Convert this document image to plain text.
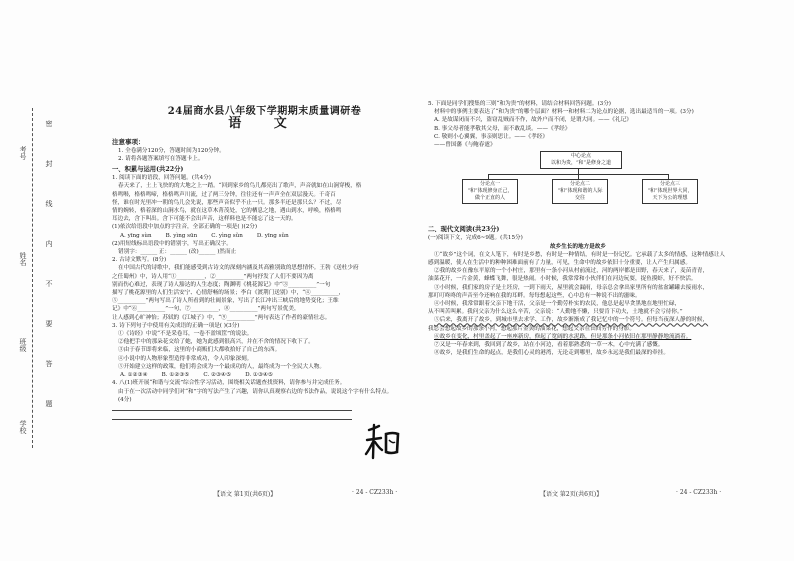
考号
姓名
班级
学校
密
封
线
内
不
要
答
题
24届商水县八年级下学期期末质量调研卷
语 文
注意事项：
1. 全卷满分120分，答题时间为120分钟。
2. 请将各题答案填写在答题卡上。
一、积累与运用(共22分)
1. 阅读下面的语段，回答问题。(共4分)
春天来了，土上飞快的的大地之上一踏。“回到家乡的鸟儿都亮出了歌声，声音就如在山涧穿梭，格
格鸣啭，格格鸣啼，格格鸣声川流，过了两三分钟，往往还有一声声全在双层漫天。千奇百
怪，谁在时光里冲一朝的鸟儿会先说，那些声音似乎不止一只。那多半还是那只么？不过，尽
情的婉转，格着深的山涧水鸟，就在这草木菁茂处，它的栖息之地，遇山到水，呼唤，格格鸣
耳边去，含下叫出。含下可能不会出声音，这样料也是不能忘了这一天的。
(1)依次给语段中加点的字注音，全部正确的一项是( )(2分)
A. yīng sùn	B. yìng sūn	C. yìng sǔn	D. yīng sǔn
(2)用短线标出语段中的错别字，写出正确汉字。
错别字：______ 正：______ (改)______ )然而止
2. 古诗文默写。(8分)
在中国古代的诗歌中，我们能感受到古诗文的深刻内涵及其高雅别致的思想情怀。王勃《送杜少府
之任蜀州》中，诗人用“①__________，②__________”两句抒发了人们不要因为离
别而伤心难过，表现了诗人豁达的人生态度；陶渊明《桃花源记》中“③__________”一句
描写了桃花源里的人们生活安宁、心情舒畅的场景；李白《渡荆门送别》中，“④__________，
⑤__________”两句写出了诗人所看到的壮阔景象，写出了长江冲出三峡后的地势变化；王维
记》中“⑥__________”一句，⑦__________，⑧__________”两句写景优美，
让人感到心旷神怡；苏轼的《江城子》中，“⑨__________”两句表达了作者的豪情壮志。
3. 诗下列句子中使用有关成语的正确一项是( )(3分)
①《诗经》中说“不是采卷耳，一卷不盈顷筐”的说法。
②他把手中的那朵花交给了她，她为此感到很高兴，并在不舍的情况下收下了。
③由于春节即将来临，这里的小商贩们大都收拾好了自己的东西。
④小说中的人物形象塑造得非常成功，令人印象深刻。
⑤开始建立这样的政策，他们将会成为一个最成功的人，最终成为一个全民大人物。
A. ①②③④	B. ①②③⑤	C. ②③④⑤	D. ①③④⑤
4. 八(1)班开展“和谐与交流”综合性学习活动，围绕相关话题查找资料，请你参与并完成任务。
由于在一次活动中同学们对“和”字的写法产生了兴趣，请你认真观察右边的书法作品，说说这个字有什么特点。
(4分)
【语文 第1页(共6页)】	· 24 - CZ233h ·
5. 下面是同学们搜集的三则“和为贵”的材料，请结合材料回答问题。(3分)
材料中的事例主要表达了“和为贵”的哪个层面？材料一和材料二为论点的论据，选出最适当的一项。(3分)
A. 是故谋闭而不兴，盗窃乱贼而不作，故外户而不闭，是谓大同。——《礼记》
B. 事父母者能孝敬其父母，而不敢乱谈。——《孝经》
C. 敬则小心翼翼，事亲则思让。——《孝经》
——曾国藩《与鲍春霆》
中心论点
以和为贵，“和”是修身之道
分论点一
“和”体现修身正己，做个正直的人
分论点二
“和”体现和谐的人际交往
分论点三
“和”体现世界大同，天下为公的理想
二、现代文阅读(共23分)
(一)阅读下文，完成6~9题。(共15分)
故乡生长的地方是故乡
①“故乡”这个词，在文人笔下，有时是乡愁，有时是一种情结，有时是一份记忆。它承载了太多的情感，这种情感让人
感到温暖，使人在生活中的种种困难面前有了力量，可见，生命中的故乡依旧十分重要，让人产生归属感。
②我的故乡在豫东平原的一个小村庄，那里有一条小河从村前流过，河的两岸都是田野，春天来了，麦苗青青，
油菜花开，一片金黄，蜂蝶飞舞，很是热闹。小时候，我常常和小伙伴们在河边玩耍，捉鱼摸虾，好不快活。
③小时候，我们家的房子是土坯房，一到下雨天，屋里就会漏雨，母亲总会拿出家里所有的盆盆罐罐去接雨水，
那叮叮咚咚的声音至今还响在我的耳畔。每每想起这些，心中总有一种说不出的滋味。
④小时候，我常常跟着父亲下地干活，父亲是一个勤劳朴实的农民，他总是起早贪黑地在地里忙碌，
从不叫苦叫累。我问父亲为什么这么辛苦，父亲说：“人勤地不懒，只要肯下功夫，土地就不会亏待你。”
⑤后来，我离开了故乡，到城市里去求学、工作，故乡渐渐成了我记忆中的一个符号。但每当夜深人静的时候，
我总会想起故乡的那条小河，想起那片金黄的油菜花，想起父亲在田间劳作的身影。
⑥故乡在变化，村里盖起了一座座新房，修起了宽阔的水泥路，但是那条小河依旧在那里静静地流淌着。
⑦又是一年春来到，我回到了故乡，站在小河边，看着那熟悉的一草一木，心中充满了感慨。
⑧故乡，是我们生命的起点，是我们心灵的港湾，无论走到哪里，故乡永远是我们最深的牵挂。
【语文 第2页(共6页)】	· 24 - CZ233h ·
